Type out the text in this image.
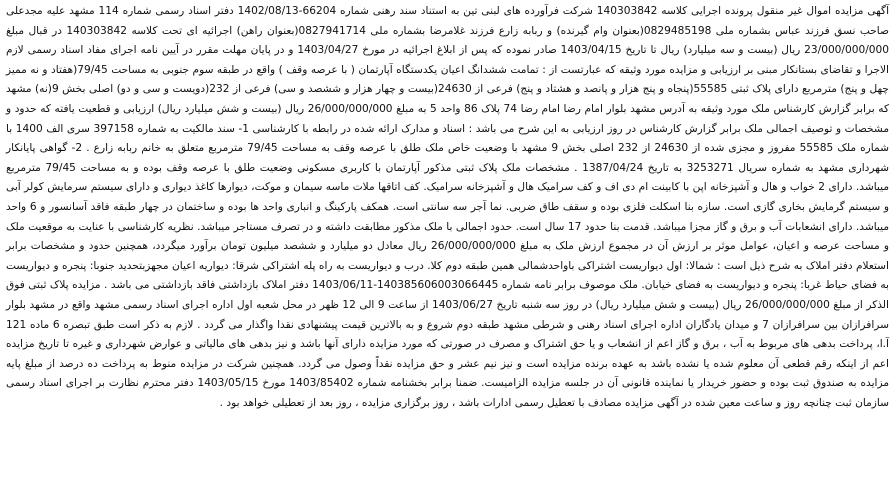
آگهی مزایده اموال غیر منقول پرونده اجرایی کلاسه 140303842 شرکت فرآورده های لبنی تین به استناد سند رهنی شماره 66204-1402/08/13 دفتر اسناد رسمی شماره 114 مشهد علیه مجدعلی صاحب نسق فرزند عباس بشماره ملی 0829485198(بعنوان وام گیرنده) و ربابه زارع فرزند غلامرضا بشماره ملی 0827941714(بعنوان راهن) اجرائیه ای تحت کلاسه 140303842 در قبال مبلغ 23/000/000/000 ریال (بیست و سه میلیارد) ریال تا تاریخ 1403/04/15 صادر نموده که پس از ابلاغ اجرائیه در مورخ 1403/04/27 و در پایان مهلت مقرر در آیین نامه اجرای مفاد اسناد رسمی لازم الاجرا و تقاضای بستانکار مبنی بر ارزیابی و مزایده مورد وثیقه که عبارتست از : تمامت ششدانگ اعیان یکدستگاه آپارتمان ( با عرصه وقف ) واقع در طبقه سوم جنوبی به مساحت 79/45(هفتاد و نه ممیز چهل و پنج) مترمربع دارای پلاک ثبتی 55585(پنجاه و پنج هزار و پانصد و هشتاد و پنج) فرعی از 24630(بیست و چهار هزار و ششصد و سی) فرعی از 232(دویست و سی و دو) اصلی بخش 9(نه) مشهد که برابر گزارش کارشناس ملک مورد وثیقه به آدرس مشهد بلوار امام رضا امام رضا 74 پلاک 86 واحد 5 به مبلغ 26/000/000/000 ریال (بیست و شش میلیارد ریال) ارزیابی و قطعیت یافته که حدود و مشخصات و توصیف اجمالی ملک برابر گزارش کارشناس در روز ارزیابی به این شرح می باشد : اسناد و مدارک ارائه شده در رابطه با کارشناسی 1- سند مالکیت به شماره 397158 سری الف 1400 با شماره ملک 55585 مفروز و مجزی شده از 24630 از 232 اصلی بخش 9 مشهد با وضعیت خاص ملک طلق با عرصه وقف به مساحت 79/45 مترمربع متعلق به خانم ربابه زارع . 2- گواهی پایانکار شهرداری مشهد به شماره سریال 3253271 به تاریخ 1387/04/24 . مشخصات ملک پلاک ثبتی مذکور آپارتمان با کاربری مسکونی وضعیت طلق با عرصه وقف بوده و به مساحت 79/45 مترمربع میباشد. دارای 2 خواب و هال و آشپزخانه اپن با کابینت ام دی اف و کف سرامیک هال و آشپزخانه سرامیک. کف اتاقها ملات ماسه سیمان و موکت، دیوارها کاغذ دیواری و دارای سیستم سرمایش کولر آبی و سیستم گرمایش بخاری گازی است. سازه بنا اسکلت فلزی بوده و سقف طاق ضربی. نما آجر سه سانتی است. همکف پارکینگ و انباری واحد ها بوده و ساختمان در چهار طبقه فاقد آسانسور و 6 واحد میباشد. دارای انشعابات آب و برق و گاز مجزا میباشد. قدمت بنا حدود 17 سال است. حدود اجمالی با ملک مذکور مطابقت داشته و در تصرف مستاجر میباشد. نظریه کارشناسی با عنایت به موقعیت ملک و مساحت عرصه و اعیان، عوامل موثر بر ارزش آن در مجموع ارزش ملک به مبلغ 26/000/000/000 ریال معادل دو میلیارد و ششصد میلیون تومان برآورد میگردد، همچنین حدود و مشخصات برابر استعلام دفتر املاک به شرح ذیل است : شمالا: اول دیواریست اشتراکی باواحدشمالی همین طبقه دوم کلا. درب و دیواریست به راه پله اشتراکی شرقا: دیواریه اعیان مجهزبتحدید جنوبا: پنجره و دیواریست به فضای حیاط غربا: پنجره و دیواریست به فضای خیابان. ملک موصوف برابر نامه شماره 140385606003066445-1403/06/11 دفتر املاک بازداشتی فاقد بازداشتی می باشد . مزایده پلاک ثبتی فوق الذکر از مبلغ 26/000/000/000 ریال (بیست و شش میلیارد ریال) در روز سه شنبه تاریخ 1403/06/27 از ساعت 9 الی 12 ظهر در محل شعبه اول اداره اجرای اسناد رسمی مشهد واقع در مشهد بلوار سرافرازان بین سرافرازان 7 و میدان یادگاران اداره اجرای اسناد رهنی و شرطی مشهد طبقه دوم شروع و به بالاترین قیمت پیشنهادی نقدا واگذار می گردد . لازم به ذکر است طبق تبصره 6 ماده 121 آ.ا، پرداخت بدهی های مربوط به آب ، برق و گاز اعم از انشعاب و یا حق اشتراک و مصرف در صورتی که مورد مزایده دارای آنها باشد و نیز بدهی های مالیاتی و عوارض شهرداری و غیره تا تاریخ مزایده اعم از اینکه رقم قطعی آن معلوم شده یا نشده باشد به عهده برنده مزایده است و نیز نیم عشر و حق مزایده نقداً وصول می گردد. همچنین شرکت در مزایده منوط به پرداخت ده درصد از مبلغ پایه مزایده به صندوق ثبت بوده و حضور خریدار یا نماینده قانونی آن در جلسه مزایده الزامیست. ضمنا برابر بخشنامه شماره 1403/85402 مورخ 1403/05/15 دفتر محترم نظارت بر اجرای اسناد رسمی سازمان ثبت چنانچه روز و ساعت معین شده در آگهی مزایده مصادف با تعطیل رسمی ادارات باشد ، روز برگزاری مزایده ، روز بعد از تعطیلی خواهد بود .
